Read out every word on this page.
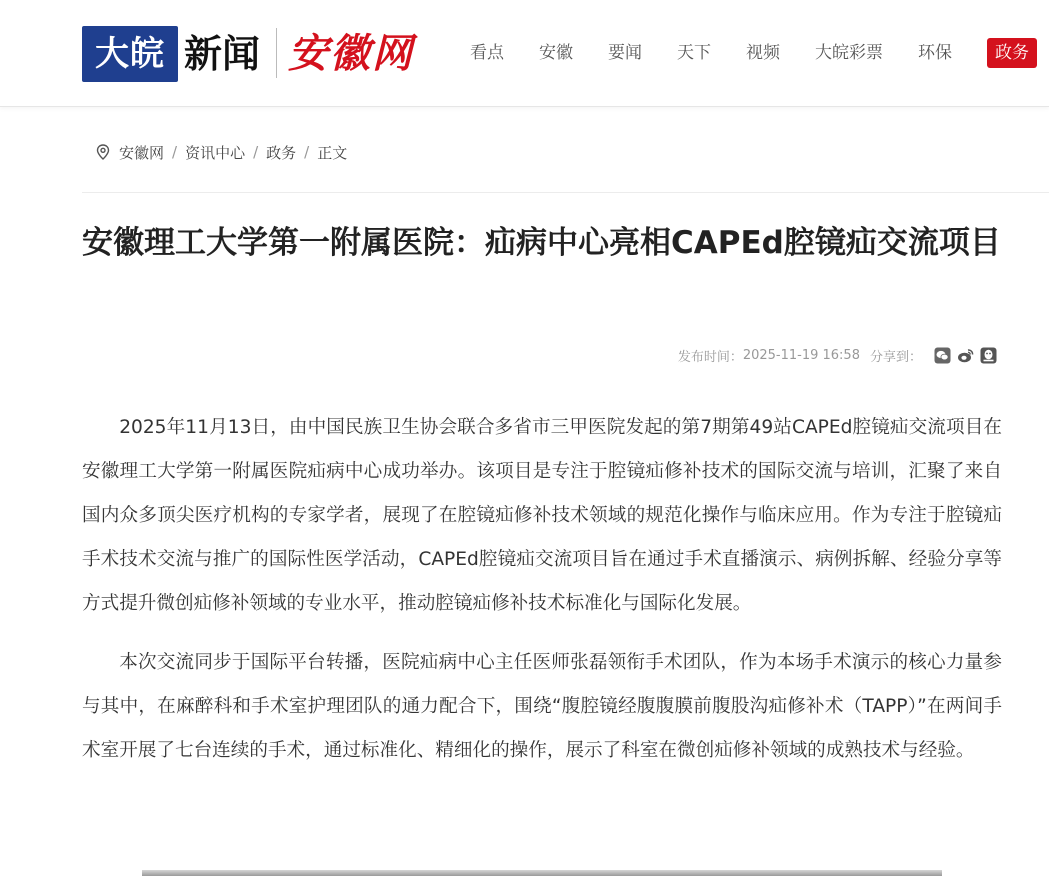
大皖 新闻 安徽网	看点 安徽 要闻 天下 视频 大皖彩票 环保	政务
安徽网 / 资讯中心 / 政务 / 正文
安徽理工大学第一附属医院：疝病中心亮相CAPEd腔镜疝交流项目
发布时间： 2025-11-19 16:58 分享到：

2025年11月13日，由中国民族卫生协会联合多省市三甲医院发起的第7期第49站CAPEd腔镜疝交流项目在安徽理工大学第一附属医院疝病中心成功举办。该项目是专注于腔镜疝修补技术的国际交流与培训，汇聚了来自国内众多顶尖医疗机构的专家学者，展现了在腔镜疝修补技术领域的规范化操作与临床应用。作为专注于腔镜疝手术技术交流与推广的国际性医学活动，CAPEd腔镜疝交流项目旨在通过手术直播演示、病例拆解、经验分享等方式提升微创疝修补领域的专业水平，推动腔镜疝修补技术标准化与国际化发展。

本次交流同步于国际平台转播，医院疝病中心主任医师张磊领衔手术团队，作为本场手术演示的核心力量参与其中，在麻醉科和手术室护理团队的通力配合下，围绕“腹腔镜经腹腹膜前腹股沟疝修补术（TAPP）”在两间手术室开展了七台连续的手术，通过标准化、精细化的操作，展示了科室在微创疝修补领域的成熟技术与经验。
